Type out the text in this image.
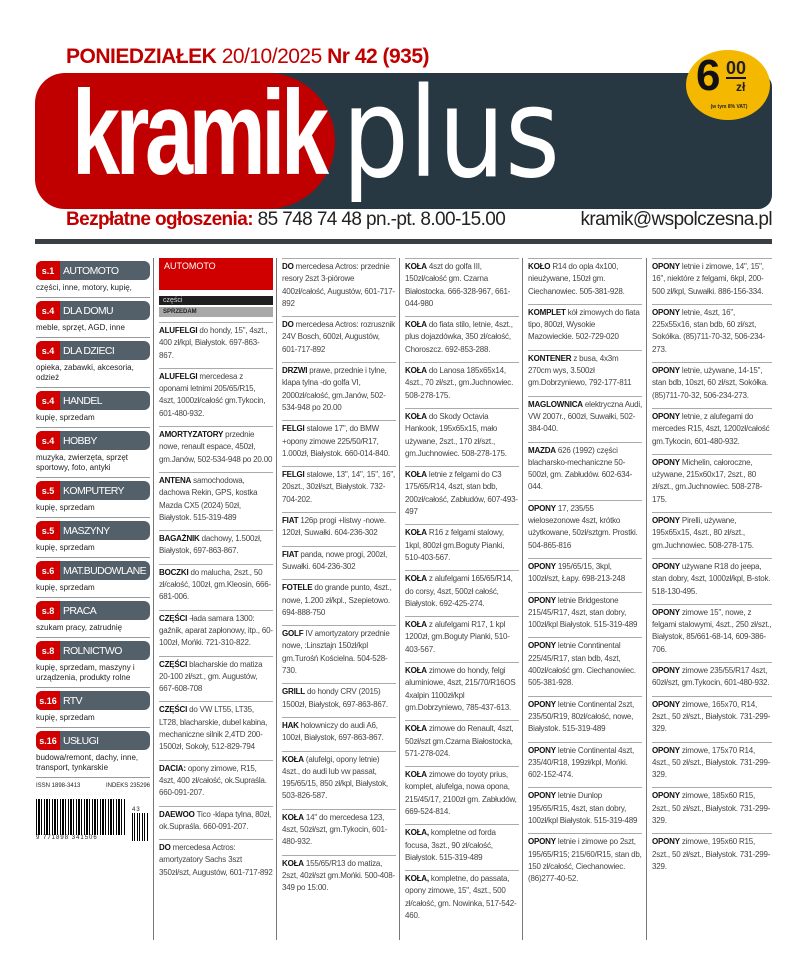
PONIEDZIAŁEK 20/10/2025 Nr 42 (935)
kramik plus	6 00
zł
(w tym 8% VAT)
Bezpłatne ogłoszenia: 85 748 74 48 pn.-pt. 8.00-15.00	kramik@wspolczesna.pl
s.1 AUTOMOTO
części, inne, motory, kupię,
s.4 DLA DOMU
meble, sprzęt, AGD, inne
s.4 DLA DZIECI
opieka, zabawki, akcesoria, odzież
s.4 HANDEL
kupię, sprzedam
s.4 HOBBY
muzyka, zwierzęta, sprzęt sportowy, foto, antyki
s.5 KOMPUTERY
kupię, sprzedam
s.5 MASZYNY
kupię, sprzedam
s.6 MAT.BUDOWLANE
kupię, sprzedam
s.8 PRACA
szukam pracy, zatrudnię
s.8 ROLNICTWO
kupię, sprzedam, maszyny i urządzenia, produkty rolne
s.16 RTV
kupię, sprzedam
s.16 USŁUGI
budowa/remont, dachy, inne, transport, tynkarskie
ISSN 1898-3413	INDEKS 235296
9 771898 341506
43
AUTOMOTO
części
SPRZEDAM
ALUFELGI do hondy, 15", 4szt., 400 zł/kpl, Białystok. 697-863-867.
ALUFELGI mercedesa z oponami letnimi 205/65/R15, 4szt, 1000zł/całość gm.Tykocin, 601-480-932.
AMORTYZATORY przednie nowe, renault espace, 450zł, gm.Janów, 502-534-948 po 20.00
ANTENA samochodowa, dachowa Rekin, GPS, kostka Mazda CX5 (2024) 50zł, Białystok. 515-319-489
BAGAŻNIK dachowy, 1.500zł, Białystok, 697-863-867.
BOCZKI do malucha, 2szt., 50 zł/całość, 100zł, gm.Kleosin, 666-681-006.
CZĘŚCI -łada samara 1300: gaźnik, aparat zapłonowy, itp., 60-100zł, Mońki. 721-310-822.
CZĘŚCI blacharskie do matiza 20-100 zł/szt., gm. Augustów, 667-608-708
CZĘŚCI do VW LT55, LT35, LT28, blacharskie, dubel kabina, mechaniczne silnik 2,4TD 200-1500zł, Sokoły, 512-829-794
DACIA: opony zimowe, R15, 4szt, 400 zł/całość, ok.Supraśla. 660-091-207.
DAEWOO Tico -klapa tylna, 80zł, ok.Supraśla. 660-091-207.
DO mercedesa Actros: amortyzatory Sachs 3szt 350zł/szt, Augustów, 601-717-892
DO mercedesa Actros: przednie resory 2szt 3-piórowe 400zł/całość, Augustów, 601-717-892
DO mercedesa Actros: rozrusznik 24V Bosch, 600zł, Augustów, 601-717-892
DRZWI prawe, przednie i tylne, klapa tylna -do golfa VI, 2000zł/całość, gm.Janów, 502-534-948 po 20.00
FELGI stalowe 17", do BMW +opony zimowe 225/50/R17, 1.000zł, Białystok. 660-014-840.
FELGI stalowe, 13", 14", 15", 16", 20szt., 30zł/szt, Białystok. 732-704-202.
FIAT 126p progi +listwy -nowe. 120zł, Suwałki. 604-236-302
FIAT panda, nowe progi, 200zł, Suwałki. 604-236-302
FOTELE do grande punto, 4szt., nowe, 1.200 zł/kpl., Szepietowo. 694-888-750
GOLF IV amortyzatory przednie nowe, :Linsztajn 150zł/kpl gm.Turośń Kościelna. 504-528-730.
GRILL do hondy CRV (2015) 1500zł, Białystok, 697-863-867.
HAK holowniczy do audi A6, 100zł, Białystok, 697-863-867.
KOŁA (alufelgi, opony letnie) 4szt., do audi lub vw passat, 195/65/15, 850 zł/kpl, Białystok, 503-826-587.
KOŁA 14" do mercedesa 123, 4szt, 50zł/szt, gm.Tykocin, 601-480-932.
KOŁA 155/65/R13 do matiza, 2szt, 40zł/szt gm.Mońki. 500-408-349 po 15:00.
KOŁA 4szt do golfa III, 150zł/całość gm. Czarna Białostocka. 666-328-967, 661-044-980
KOŁA do fiata stilo, letnie, 4szt., plus dojazdówka, 350 zł/całość, Choroszcz. 692-853-288.
KOŁA do Lanosa 185x65x14, 4szt., 70 zł/szt., gm.Juchnowiec. 508-278-175.
KOŁA do Skody Octavia Hankook, 195x65x15, mało używane, 2szt., 170 zł/szt., gm.Juchnowiec. 508-278-175.
KOŁA letnie z felgami do C3 175/65/R14, 4szt, stan bdb, 200zł/całość, Zabłudów, 607-493-497
KOŁA R16 z felgami stalowy, 1kpl, 800zł gm.Boguty Pianki, 510-403-567.
KOŁA z alufelgami 165/65/R14, do corsy, 4szt, 500zł całość, Białystok. 692-425-274.
KOŁA z alufelgami R17, 1 kpl 1200zł, gm.Boguty Pianki, 510-403-567.
KOŁA zimowe do hondy, felgi aluminiowe, 4szt, 215/70/R16OS 4xalpin 1100zł/kpl gm.Dobrzyniewo, 785-437-613.
KOŁA zimowe do Renault, 4szt, 50zł/szt gm.Czarna Białostocka, 571-278-024.
KOŁA zimowe do toyoty prius, komplet, alufelga, nowa opona, 215/45/17, 2100zł gm. Zabłudów, 669-524-814.
KOŁA, kompletne od forda focusa, 3szt., 90 zł/całość, Białystok. 515-319-489
KOŁA, kompletne, do passata, opony zimowe, 15", 4szt., 500 zł/całość, gm. Nowinka, 517-542-460.
KOŁO R14 do opla 4x100, nieużywane, 150zł gm. Ciechanowiec. 505-381-928.
KOMPLET kół zimowych do fiata tipo, 800zł, Wysokie Mazowieckie. 502-729-020
KONTENER z busa, 4x3m 270cm wys, 3.500zł gm.Dobrzyniewo, 792-177-811
MAGLOWNICA elektryczna Audi, VW 2007r., 600zł, Suwałki, 502-384-040.
MAZDA 626 (1992) części blacharsko-mechaniczne 50-500zł, gm. Zabłudów. 602-634-044.
OPONY 17, 235/55 wielosezonowe 4szt, krótko użytkowane, 50zł/sztgm. Prostki. 504-865-816
OPONY 195/65/15, 3kpl, 100zł/szt, Łapy. 698-213-248
OPONY letnie Bridgestone 215/45/R17, 4szt, stan dobry, 100zł/kpl Białystok. 515-319-489
OPONY letnie Conntinental 225/45/R17, stan bdb, 4szt, 400zł/całość gm. Ciechanowiec. 505-381-928.
OPONY letnie Continental 2szt, 235/50/R19, 80zł/całość, nowe, Białystok. 515-319-489
OPONY letnie Continental 4szt, 235/40/R18, 199zł/kpl, Mońki. 602-152-474.
OPONY letnie Dunlop 195/65/R15, 4szt, stan dobry, 100zł/kpl Białystok. 515-319-489
OPONY letnie i zimowe po 2szt, 195/65/R15; 215/60/R15, stan db, 150 zł/całość, Ciechanowiec. (86)277-40-52.
OPONY letnie i zimowe, 14", 15", 16", niektóre z felgami, 6kpl, 200-500 zł/kpl, Suwałki. 886-156-334.
OPONY letnie, 4szt, 16", 225x55x16, stan bdb, 60 zł/szt, Sokółka. (85)711-70-32, 506-234-273.
OPONY letnie, używane, 14-15", stan bdb, 10szt, 60 zł/szt, Sokółka. (85)711-70-32, 506-234-273.
OPONY letnie, z alufegami do mercedes R15, 4szt, 1200zł/całość gm.Tykocin, 601-480-932.
OPONY Michelin, całoroczne, używane, 215x60x17, 2szt., 80 zł/szt., gm.Juchnowiec. 508-278-175.
OPONY Pirelli, używane, 195x65x15, 4szt., 80 zł/szt., gm.Juchnowiec. 508-278-175.
OPONY używane R18 do jeepa, stan dobry, 4szt, 1000zł/kpl, B-stok. 518-130-495.
OPONY zimowe 15'', nowe, z felgami stalowymi, 4szt., 250 zł/szt., Białystok, 85/661-68-14, 609-386-706.
OPONY zimowe 235/55/R17 4szt, 60zł/szt, gm.Tykocin, 601-480-932.
OPONY zimowe, 165x70, R14, 2szt., 50 zł/szt., Białystok. 731-299-329.
OPONY zimowe, 175x70 R14, 4szt., 50 zł/szt., Białystok. 731-299-329.
OPONY zimowe, 185x60 R15, 2szt., 50 zł/szt., Białystok. 731-299-329.
OPONY zimowe, 195x60 R15, 2szt., 50 zł/szt., Białystok. 731-299-329.
